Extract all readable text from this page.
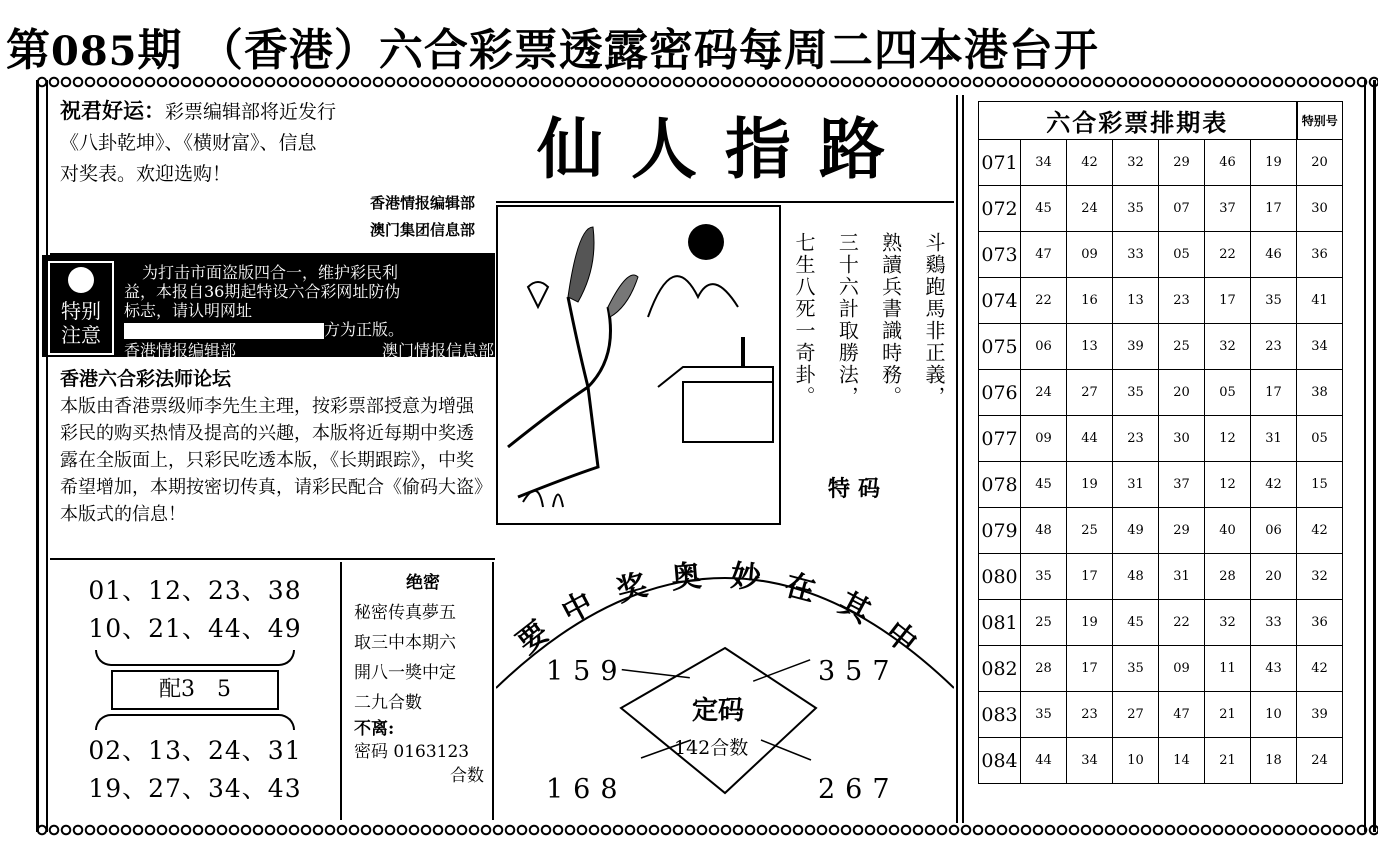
第085期 （香港）六合彩票透露密码每周二四本港台开

祝君好运：彩票编辑部将近发行

《八卦乾坤》、《横财富》、信息

对奖表。欢迎选购！

香港情报编辑部

澳门集团信息部

特别
注意
为打击市面盗版四合一，维护彩民利
益，本报自36期起特设六合彩网址防伪
标志，请认明网址
方为正版。
香港情报编辑部	澳门情报信息部
香港六合彩法师论坛

本版由香港票级师李先生主理，按彩票部授意为增强彩民的购买热情及提高的兴趣，本版将近每期中奖透露在全版面上，只彩民吃透本版，《长期跟踪》，中奖希望增加，本期按密切传真，请彩民配合《偷码大盗》本版式的信息！

01、12、23、38
10、21、44、49
配3　5
02、13、24、31
19、27、34、43

绝密

秘密传真夢五

取三中本期六

開八一獎中定

二九合數

不离:

密码 0163123

合数

仙人指路
斗鷄跑馬非正義，
熟讀兵書識時務。
三十六計取勝法，
七生八死一奇卦。
特码
要
中 奖 奥 妙 在 其
中
159	357
168	267
定码
142合数
六合彩票排期表							特别号
071	34	42	32	29	46	19	20
072	45	24	35	07	37	17	30
073	47	09	33	05	22	46	36
074	22	16	13	23	17	35	41
075	06	13	39	25	32	23	34
076	24	27	35	20	05	17	38
077	09	44	23	30	12	31	05
078	45	19	31	37	12	42	15
079	48	25	49	29	40	06	42
080	35	17	48	31	28	20	32
081	25	19	45	22	32	33	36
082	28	17	35	09	11	43	42
083	35	23	27	47	21	10	39
084	44	34	10	14	21	18	24
